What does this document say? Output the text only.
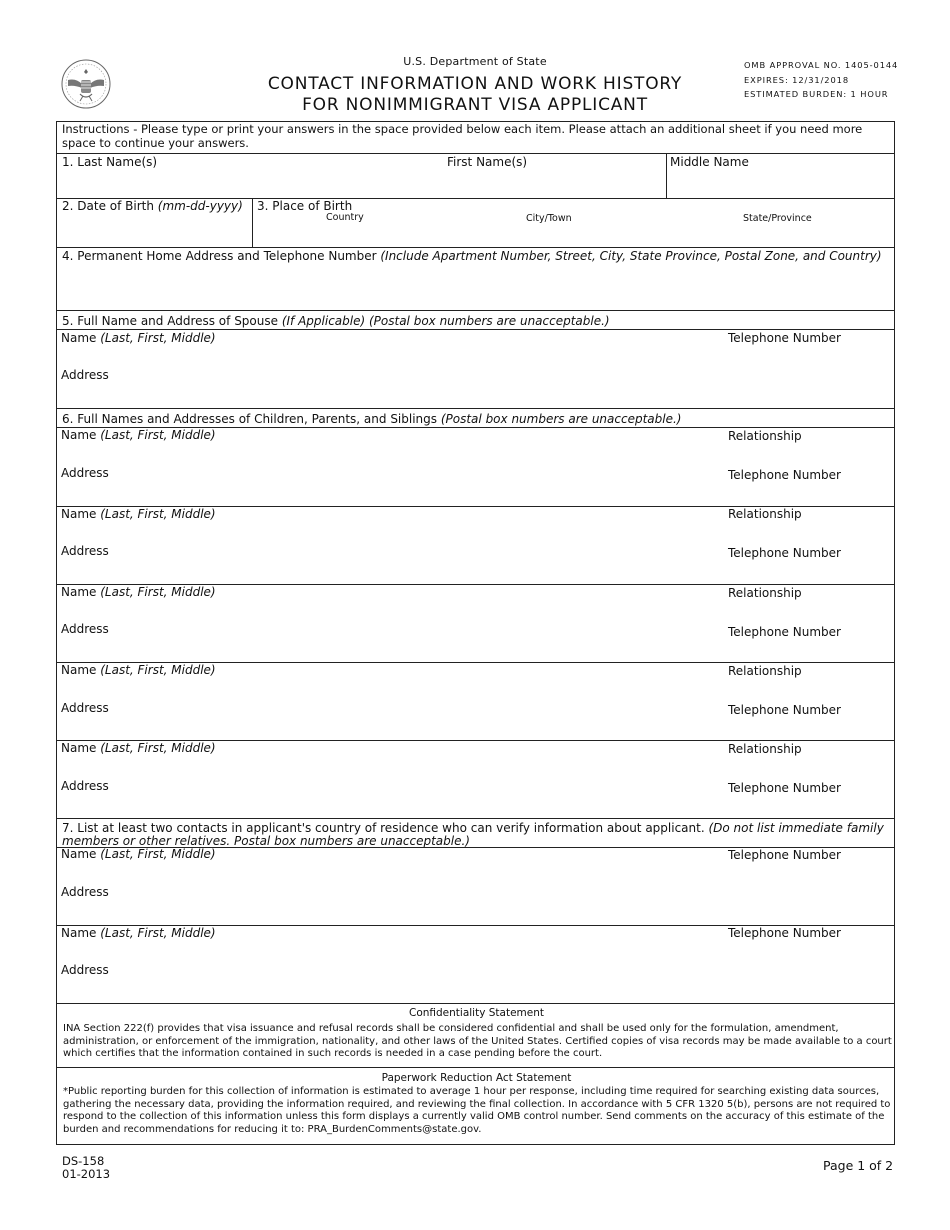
U.S. Department of State
CONTACT INFORMATION AND WORK HISTORY
FOR NONIMMIGRANT VISA APPLICANT
OMB APPROVAL NO. 1405-0144
EXPIRES: 12/31/2018
ESTIMATED BURDEN: 1 HOUR
Instructions - Please type or print your answers in the space provided below each item. Please attach an additional sheet if you need more space to continue your answers.
1. Last Name(s)	First Name(s)	Middle Name
2. Date of Birth (mm-dd-yyyy) 3. Place of Birth
Country	City/Town	State/Province
4. Permanent Home Address and Telephone Number (Include Apartment Number, Street, City, State Province, Postal Zone, and Country)
5. Full Name and Address of Spouse (If Applicable) (Postal box numbers are unacceptable.)
Name (Last, First, Middle)	Telephone Number
Address
6. Full Names and Addresses of Children, Parents, and Siblings (Postal box numbers are unacceptable.)
Name (Last, First, Middle)	Relationship
Address	Telephone Number
Name (Last, First, Middle)	Relationship
Address	Telephone Number
Name (Last, First, Middle)	Relationship
Address	Telephone Number
Name (Last, First, Middle)	Relationship
Address	Telephone Number
Name (Last, First, Middle)	Relationship
Address	Telephone Number
7. List at least two contacts in applicant's country of residence who can verify information about applicant. (Do not list immediate family
members or other relatives. Postal box numbers are unacceptable.)
Name (Last, First, Middle)	Telephone Number
Address
Name (Last, First, Middle)	Telephone Number
Address
Confidentiality Statement
INA Section 222(f) provides that visa issuance and refusal records shall be considered confidential and shall be used only for the formulation, amendment, administration, or enforcement of the immigration, nationality, and other laws of the United States. Certified copies of visa records may be made available to a court which certifies that the information contained in such records is needed in a case pending before the court.
Paperwork Reduction Act Statement
*Public reporting burden for this collection of information is estimated to average 1 hour per response, including time required for searching existing data sources, gathering the necessary data, providing the information required, and reviewing the final collection. In accordance with 5 CFR 1320 5(b), persons are not required to respond to the collection of this information unless this form displays a currently valid OMB control number. Send comments on the accuracy of this estimate of the burden and recommendations for reducing it to: PRA_BurdenComments@state.gov.
DS-158
01-2013
Page 1 of 2
